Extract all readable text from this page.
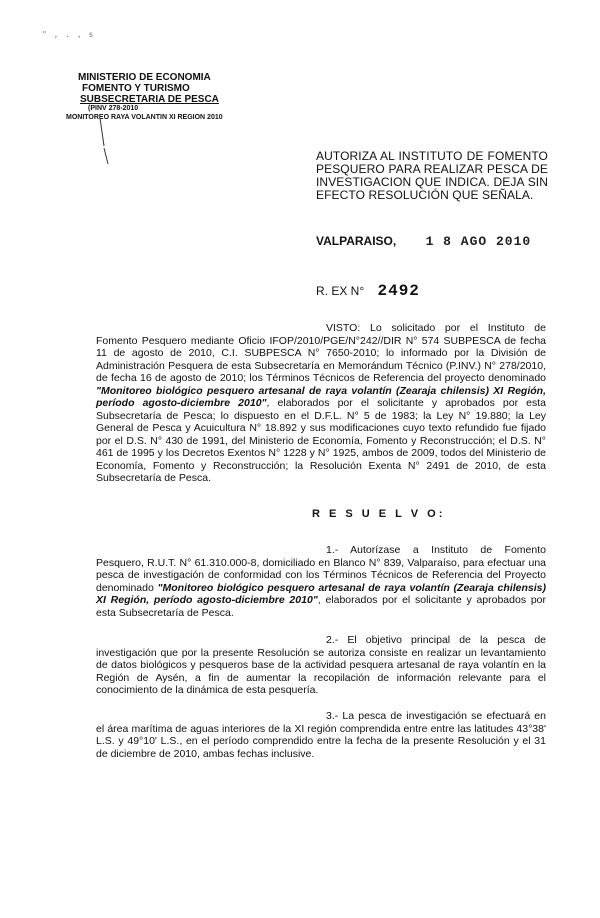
" , . , s
MINISTERIO DE ECONOMIA
FOMENTO Y TURISMO
SUBSECRETARIA DE PESCA
(PINV 278-2010
MONITOREO RAYA VOLANTIN XI REGION 2010
AUTORIZA AL INSTITUTO DE FOMENTO PESQUERO PARA REALIZAR PESCA DE INVESTIGACION QUE INDICA. DEJA SIN EFECTO RESOLUCIÓN QUE SEÑALA.
VALPARAISO, 1 8 AGO 2010
R. EX N° 2492
VISTO: Lo solicitado por el Instituto de Fomento Pesquero mediante Oficio IFOP/2010/PGE/N°242//DIR N° 574 SUBPESCA de fecha 11 de agosto de 2010, C.I. SUBPESCA N° 7650-2010; lo informado por la División de Administración Pesquera de esta Subsecretaría en Memorándum Técnico (P.INV.) N° 278/2010, de fecha 16 de agosto de 2010; los Términos Técnicos de Referencia del proyecto denominado "Monitoreo biológico pesquero artesanal de raya volantín (Zearaja chilensis) XI Región, período agosto-diciembre 2010", elaborados por el solicitante y aprobados por esta Subsecretaría de Pesca; lo dispuesto en el D.F.L. N° 5 de 1983; la Ley N° 19.880; la Ley General de Pesca y Acuicultura N° 18.892 y sus modificaciones cuyo texto refundido fue fijado por el D.S. N° 430 de 1991, del Ministerio de Economía, Fomento y Reconstrucción; el D.S. N° 461 de 1995 y los Decretos Exentos N° 1228 y N° 1925, ambos de 2009, todos del Ministerio de Economía, Fomento y Reconstrucción; la Resolución Exenta N° 2491 de 2010, de esta Subsecretaría de Pesca.
R E S U E L V O:
1.- Autorízase a Instituto de Fomento Pesquero, R.U.T. N° 61.310.000-8, domiciliado en Blanco N° 839, Valparaíso, para efectuar una pesca de investigación de conformidad con los Términos Técnicos de Referencia del Proyecto denominado "Monitoreo biológico pesquero artesanal de raya volantín (Zearaja chilensis) XI Región, período agosto-diciembre 2010", elaborados por el solicitante y aprobados por esta Subsecretaría de Pesca.
2.- El objetivo principal de la pesca de investigación que por la presente Resolución se autoriza consiste en realizar un levantamiento de datos biológicos y pesqueros base de la actividad pesquera artesanal de raya volantín en la Región de Aysén, a fin de aumentar la recopilación de información relevante para el conocimiento de la dinámica de esta pesquería.
3.- La pesca de investigación se efectuará en el área marítima de aguas interiores de la XI región comprendida entre entre las latitudes 43°38' L.S. y 49°10' L.S., en el período comprendido entre la fecha de la presente Resolución y el 31 de diciembre de 2010, ambas fechas inclusive.
